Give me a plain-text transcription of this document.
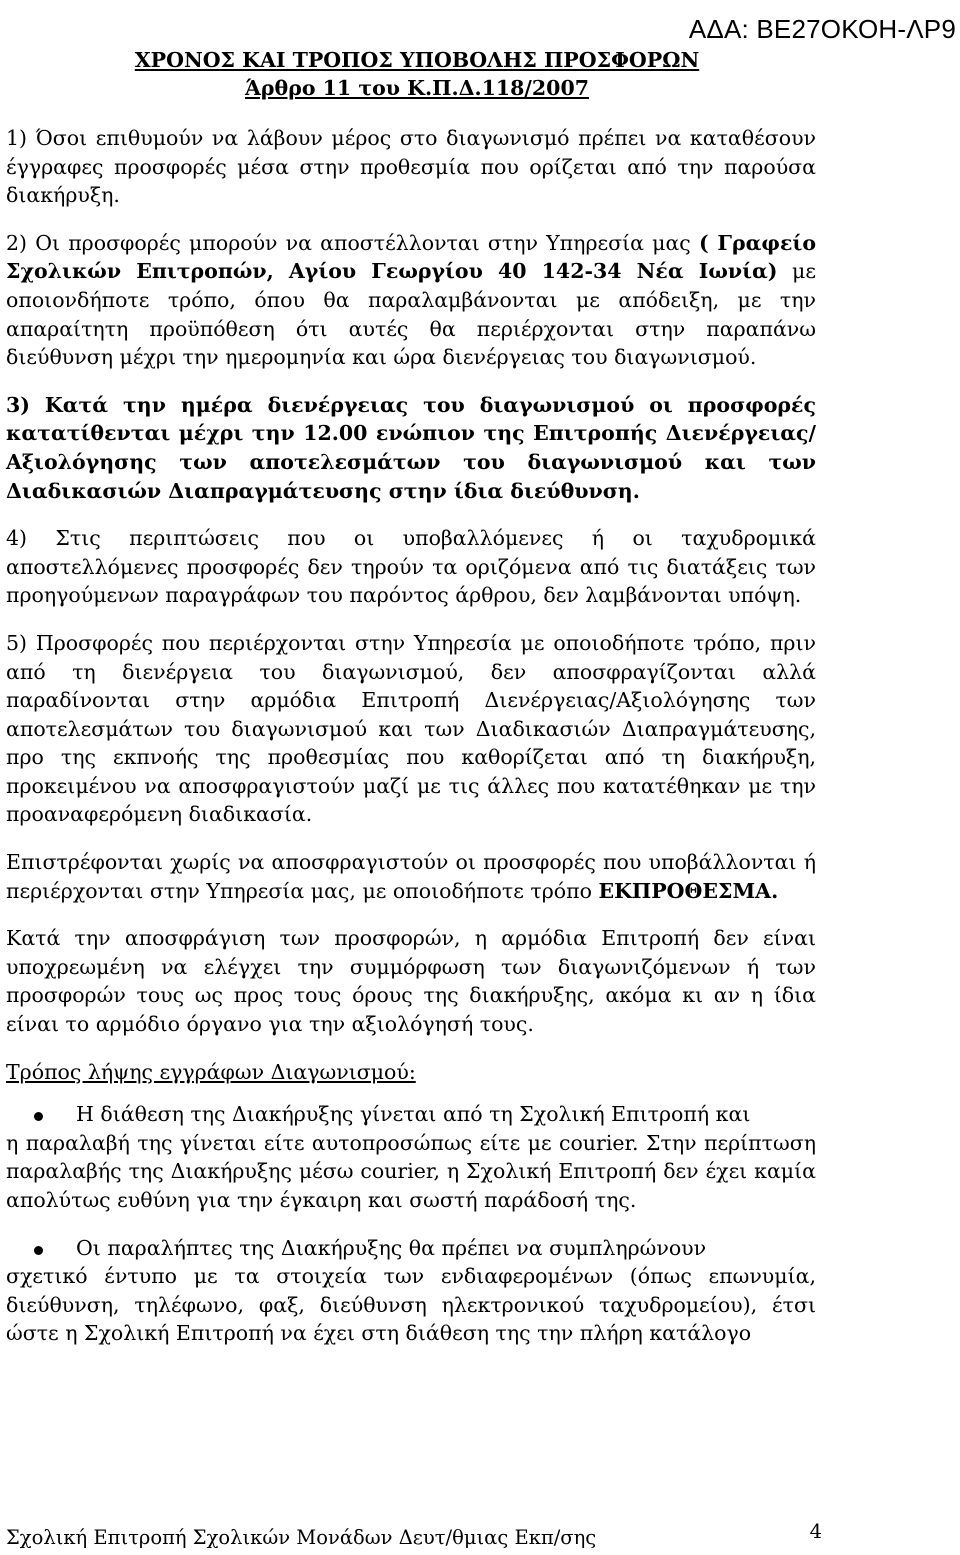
ΑΔΑ: ΒΕ27ΟΚΟΗ-ΛΡ9
ΧΡΟΝΟΣ ΚΑΙ ΤΡΟΠΟΣ ΥΠΟΒΟΛΗΣ ΠΡΟΣΦΟΡΩΝ
Άρθρο 11 του Κ.Π.Δ.118/2007

1) Όσοι επιθυμούν να λάβουν μέρος στο διαγωνισμό πρέπει να καταθέσουν έγγραφες προσφορές μέσα στην προθεσμία που ορίζεται από την παρούσα διακήρυξη.

2) Οι προσφορές μπορούν να αποστέλλονται στην Υπηρεσία μας ( Γραφείο Σχολικών Επιτροπών, Αγίου Γεωργίου 40 142-34 Νέα Ιωνία) με οποιονδήποτε τρόπο, όπου θα παραλαμβάνονται με απόδειξη, με την απαραίτητη προϋπόθεση ότι αυτές θα περιέρχονται στην παραπάνω διεύθυνση μέχρι την ημερομηνία και ώρα διενέργειας του διαγωνισμού.

3) Κατά την ημέρα διενέργειας του διαγωνισμού οι προσφορές κατατίθενται μέχρι την 12.00 ενώπιον της Επιτροπής Διενέργειας/Αξιολόγησης των αποτελεσμάτων του διαγωνισμού και των Διαδικασιών Διαπραγμάτευσης στην ίδια διεύθυνση.

4) Στις περιπτώσεις που οι υποβαλλόμενες ή οι ταχυδρομικά αποστελλόμενες προσφορές δεν τηρούν τα οριζόμενα από τις διατάξεις των προηγούμενων παραγράφων του παρόντος άρθρου, δεν λαμβάνονται υπόψη.

5) Προσφορές που περιέρχονται στην Υπηρεσία με οποιοδήποτε τρόπο, πριν από τη διενέργεια του διαγωνισμού, δεν αποσφραγίζονται αλλά παραδίνονται στην αρμόδια Επιτροπή Διενέργειας/Αξιολόγησης των αποτελεσμάτων του διαγωνισμού και των Διαδικασιών Διαπραγμάτευσης, προ της εκπνοής της προθεσμίας που καθορίζεται από τη διακήρυξη, προκειμένου να αποσφραγιστούν μαζί με τις άλλες που κατατέθηκαν με την προαναφερόμενη διαδικασία.

Επιστρέφονται χωρίς να αποσφραγιστούν οι προσφορές που υποβάλλονται ή περιέρχονται στην Υπηρεσία μας, με οποιοδήποτε τρόπο ΕΚΠΡΟΘΕΣΜΑ.

Κατά την αποσφράγιση των προσφορών, η αρμόδια Επιτροπή δεν είναι υποχρεωμένη να ελέγχει την συμμόρφωση των διαγωνιζόμενων ή των προσφορών τους ως προς τους όρους της διακήρυξης, ακόμα κι αν η ίδια είναι το αρμόδιο όργανο για την αξιολόγησή τους.

Τρόπος λήψης εγγράφων Διαγωνισμού:

Η διάθεση της Διακήρυξης γίνεται από τη Σχολική Επιτροπή και
η παραλαβή της γίνεται είτε αυτοπροσώπως είτε με courier. Στην περίπτωση παραλαβής της Διακήρυξης μέσω courier, η Σχολική Επιτροπή δεν έχει καμία απολύτως ευθύνη για την έγκαιρη και σωστή παράδοσή της.
Οι παραλήπτες της Διακήρυξης θα πρέπει να συμπληρώνουν
σχετικό έντυπο με τα στοιχεία των ενδιαφερομένων (όπως επωνυμία, διεύθυνση, τηλέφωνο, φαξ, διεύθυνση ηλεκτρονικού ταχυδρομείου), έτσι ώστε η Σχολική Επιτροπή να έχει στη διάθεση της την πλήρη κατάλογο
Σχολική Επιτροπή Σχολικών Μονάδων Δευτ/θμιας Εκπ/σης	4
